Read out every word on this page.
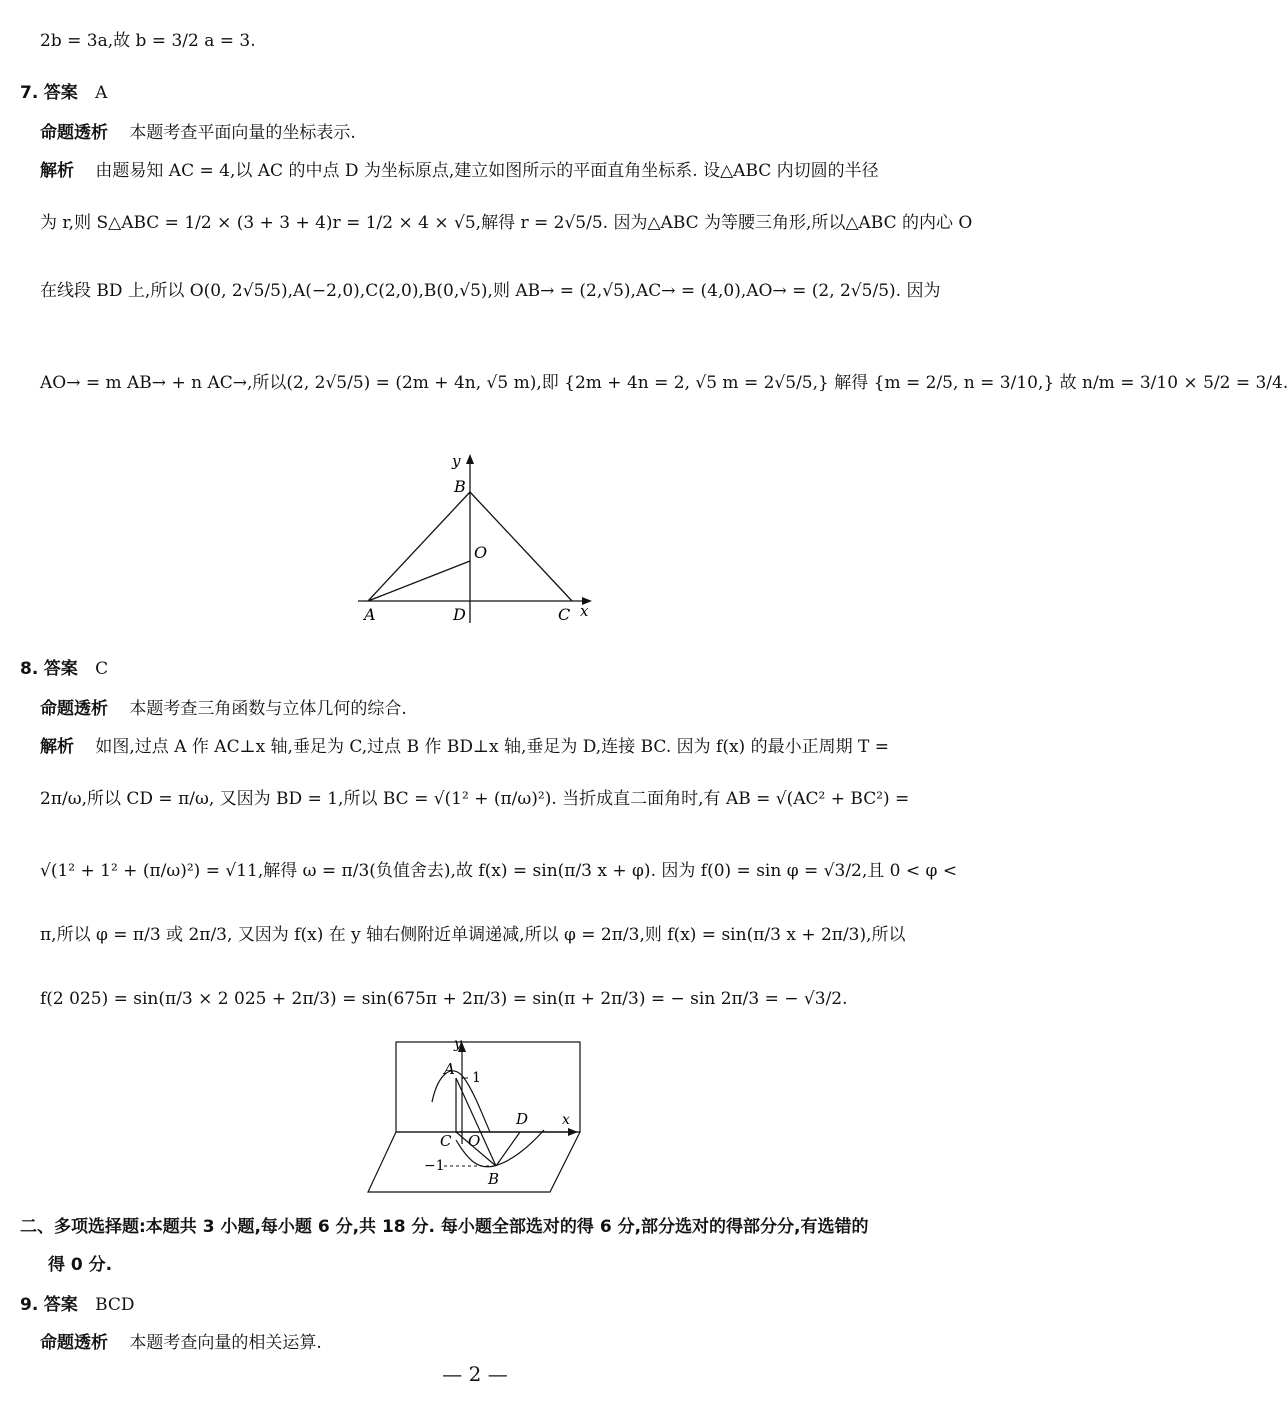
2b = 3a,故 b = 3/2 a = 3.
7. 答案 A
命题透析 本题考查平面向量的坐标表示.
解析 由题易知 AC = 4,以 AC 的中点 D 为坐标原点,建立如图所示的平面直角坐标系. 设△ABC 内切圆的半径
为 r,则 S△ABC = 1/2 × (3 + 3 + 4)r = 1/2 × 4 × √5,解得 r = 2√5/5. 因为△ABC 为等腰三角形,所以△ABC 的内心 O
在线段 BD 上,所以 O(0, 2√5/5),A(−2,0),C(2,0),B(0,√5),则 AB→ = (2,√5),AC→ = (4,0),AO→ = (2, 2√5/5). 因为
AO→ = m AB→ + n AC→,所以(2, 2√5/5) = (2m + 4n, √5 m),即 {2m + 4n = 2, √5 m = 2√5/5,} 解得 {m = 2/5, n = 3/10,} 故 n/m = 3/10 × 5/2 = 3/4.
y
B
O
A	D	C x
8. 答案 C
命题透析 本题考查三角函数与立体几何的综合.
解析 如图,过点 A 作 AC⊥x 轴,垂足为 C,过点 B 作 BD⊥x 轴,垂足为 D,连接 BC. 因为 f(x) 的最小正周期 T =
2π/ω,所以 CD = π/ω, 又因为 BD = 1,所以 BC = √(1² + (π/ω)²). 当折成直二面角时,有 AB = √(AC² + BC²) =
√(1² + 1² + (π/ω)²) = √11,解得 ω = π/3(负值舍去),故 f(x) = sin(π/3 x + φ). 因为 f(0) = sin φ = √3/2,且 0 < φ <
π,所以 φ = π/3 或 2π/3, 又因为 f(x) 在 y 轴右侧附近单调递减,所以 φ = 2π/3,则 f(x) = sin(π/3 x + 2π/3),所以
f(2 025) = sin(π/3 × 2 025 + 2π/3) = sin(675π + 2π/3) = sin(π + 2π/3) = − sin 2π/3 = − √3/2.
y
A 1
D x
C O
−1
B
二、多项选择题:本题共 3 小题,每小题 6 分,共 18 分. 每小题全部选对的得 6 分,部分选对的得部分分,有选错的
得 0 分.
9. 答案 BCD
命题透析 本题考查向量的相关运算.
— 2 —
